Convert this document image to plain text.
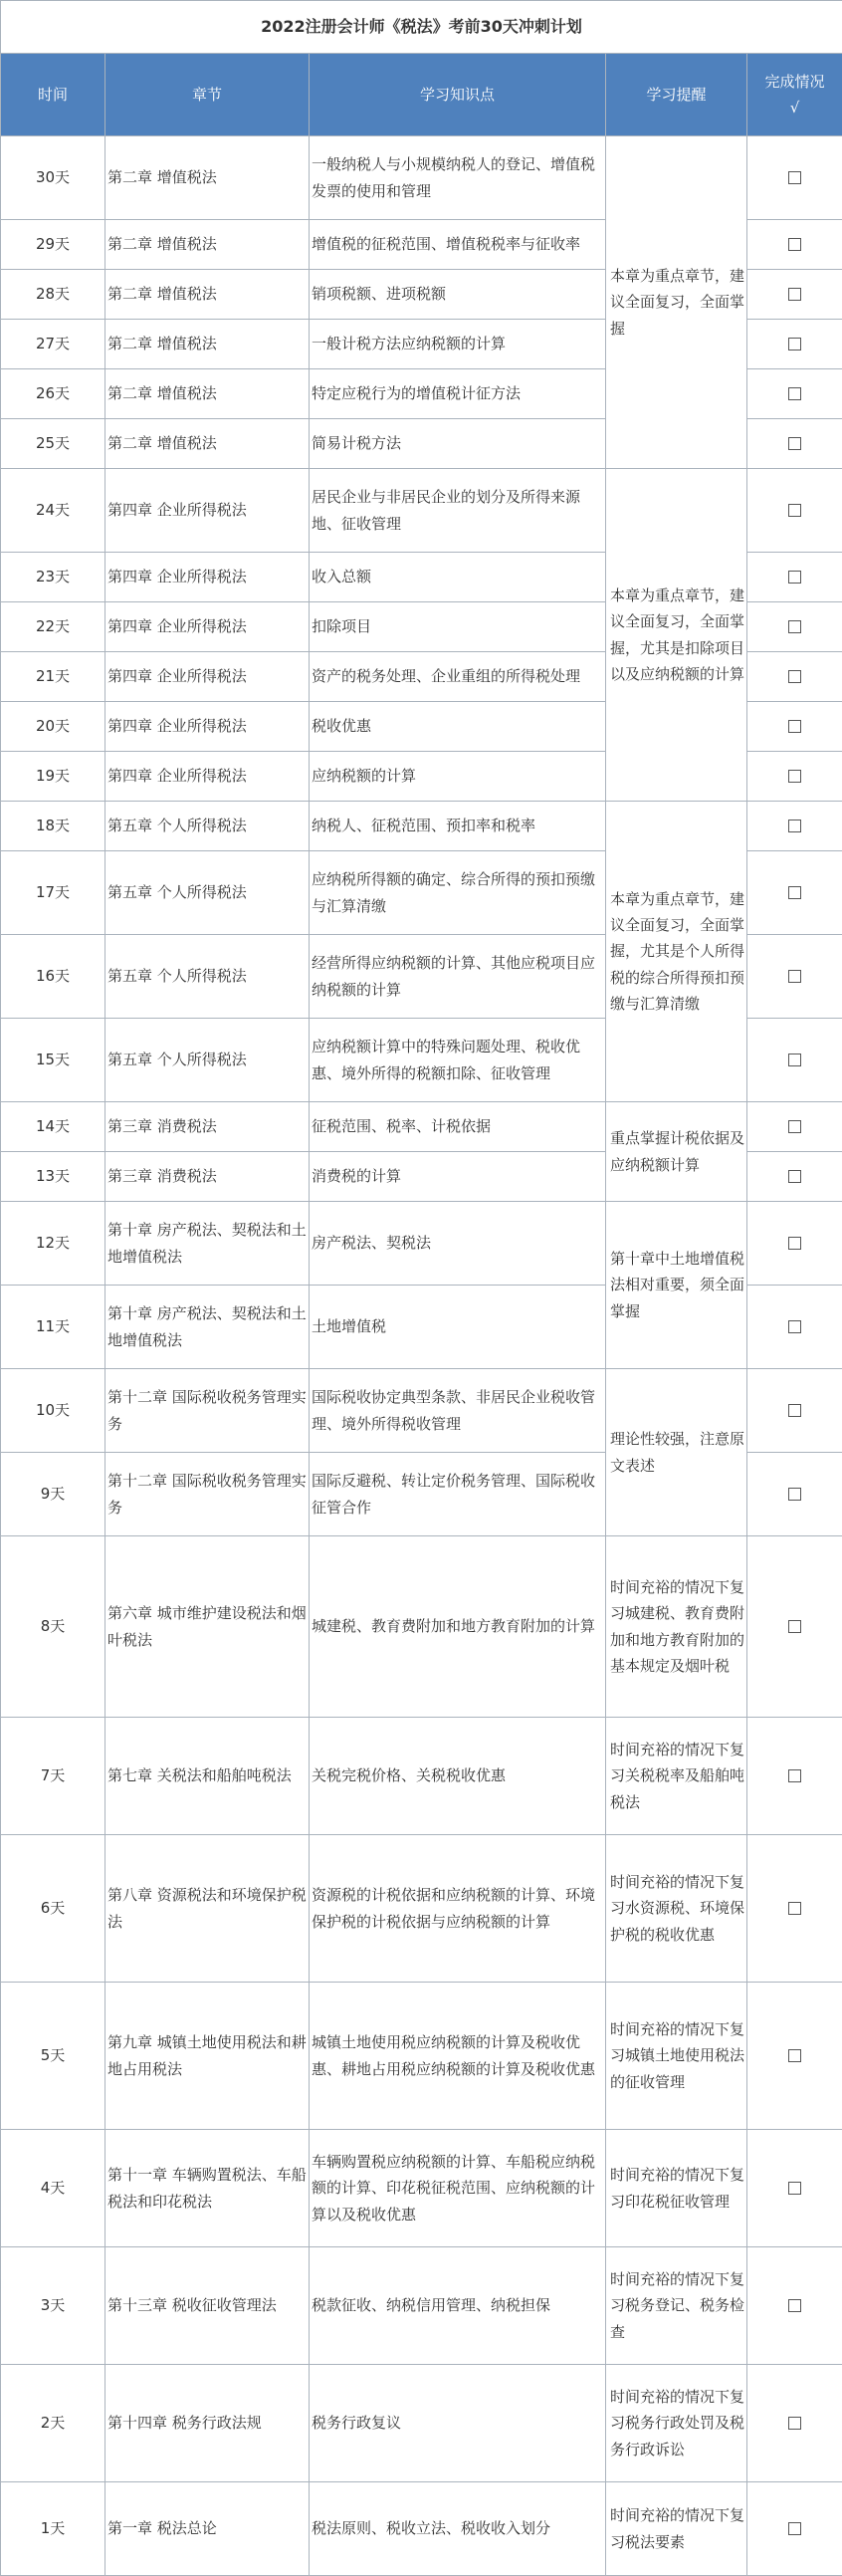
2022注册会计师《税法》考前30天冲刺计划				
时间	章节	学习知识点	学习提醒	完成情况
√
30天	第二章 增值税法	一般纳税人与小规模纳税人的登记、增值税发票的使用和管理	本章为重点章节，建议全面复习，全面掌握	
29天	第二章 增值税法	增值税的征税范围、增值税税率与征收率		
28天	第二章 增值税法	销项税额、进项税额		
27天	第二章 增值税法	一般计税方法应纳税额的计算		
26天	第二章 增值税法	特定应税行为的增值税计征方法		
25天	第二章 增值税法	简易计税方法		
24天	第四章 企业所得税法	居民企业与非居民企业的划分及所得来源地、征收管理	本章为重点章节，建议全面复习，全面掌握，尤其是扣除项目以及应纳税额的计算	
23天	第四章 企业所得税法	收入总额		
22天	第四章 企业所得税法	扣除项目		
21天	第四章 企业所得税法	资产的税务处理、企业重组的所得税处理		
20天	第四章 企业所得税法	税收优惠		
19天	第四章 企业所得税法	应纳税额的计算		
18天	第五章 个人所得税法	纳税人、征税范围、预扣率和税率	本章为重点章节，建议全面复习，全面掌握，尤其是个人所得税的综合所得预扣预缴与汇算清缴	
17天	第五章 个人所得税法	应纳税所得额的确定、综合所得的预扣预缴与汇算清缴		
16天	第五章 个人所得税法	经营所得应纳税额的计算、其他应税项目应纳税额的计算		
15天	第五章 个人所得税法	应纳税额计算中的特殊问题处理、税收优惠、境外所得的税额扣除、征收管理		
14天	第三章 消费税法	征税范围、税率、计税依据	重点掌握计税依据及应纳税额计算	
13天	第三章 消费税法	消费税的计算		
12天	第十章 房产税法、契税法和土地增值税法	房产税法、契税法	第十章中土地增值税法相对重要，须全面掌握	
11天	第十章 房产税法、契税法和土地增值税法	土地增值税		
10天	第十二章 国际税收税务管理实务	国际税收协定典型条款、非居民企业税收管理、境外所得税收管理	理论性较强，注意原文表述	
9天	第十二章 国际税收税务管理实务	国际反避税、转让定价税务管理、国际税收征管合作		
8天	第六章 城市维护建设税法和烟叶税法	城建税、教育费附加和地方教育附加的计算	时间充裕的情况下复习城建税、教育费附加和地方教育附加的基本规定及烟叶税	
7天	第七章 关税法和船舶吨税法	关税完税价格、关税税收优惠	时间充裕的情况下复习关税税率及船舶吨税法	
6天	第八章 资源税法和环境保护税法	资源税的计税依据和应纳税额的计算、环境保护税的计税依据与应纳税额的计算	时间充裕的情况下复习水资源税、环境保护税的税收优惠	
5天	第九章 城镇土地使用税法和耕地占用税法	城镇土地使用税应纳税额的计算及税收优惠、耕地占用税应纳税额的计算及税收优惠	时间充裕的情况下复习城镇土地使用税法的征收管理	
4天	第十一章 车辆购置税法、车船税法和印花税法	车辆购置税应纳税额的计算、车船税应纳税额的计算、印花税征税范围、应纳税额的计算以及税收优惠	时间充裕的情况下复习印花税征收管理	
3天	第十三章 税收征收管理法	税款征收、纳税信用管理、纳税担保	时间充裕的情况下复习税务登记、税务检查	
2天	第十四章 税务行政法规	税务行政复议	时间充裕的情况下复习税务行政处罚及税务行政诉讼	
1天	第一章 税法总论	税法原则、税收立法、税收收入划分	时间充裕的情况下复习税法要素	
